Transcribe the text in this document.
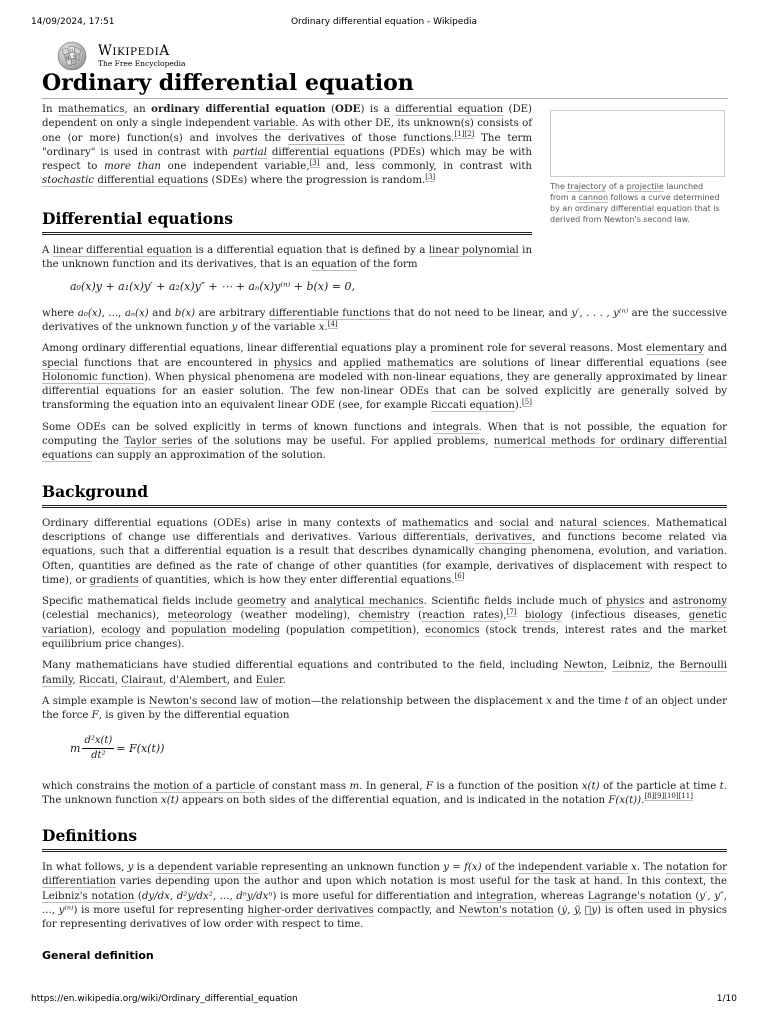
14/09/2024, 17:51	Ordinary differential equation - Wikipedia
Ω
W
И WIKIPEDIA
The Free Encyclopedia
Ordinary differential equation
The trajectory of a projectile launched from a cannon follows a curve determined by an ordinary differential equation that is derived from Newton's second law.

In mathematics, an ordinary differential equation (ODE) is a differential equation (DE) dependent on only a single independent variable. As with other DE, its unknown(s) consists of one (or more) function(s) and involves the derivatives of those functions.[1][2] The term "ordinary" is used in contrast with partial differential equations (PDEs) which may be with respect to more than one independent variable,[3] and, less commonly, in contrast with stochastic differential equations (SDEs) where the progression is random.[3]

Differential equations

A linear differential equation is a differential equation that is defined by a linear polynomial in the unknown function and its derivatives, that is an equation of the form

a₀(x)y + a₁(x)y′ + a₂(x)y″ + ⋯ + aₙ(x)y⁽ⁿ⁾ + b(x) = 0,

where a₀(x), ..., aₙ(x) and b(x) are arbitrary differentiable functions that do not need to be linear, and y′, . . . , y⁽ⁿ⁾ are the successive derivatives of the unknown function y of the variable x.[4]

Among ordinary differential equations, linear differential equations play a prominent role for several reasons. Most elementary and special functions that are encountered in physics and applied mathematics are solutions of linear differential equations (see Holonomic function). When physical phenomena are modeled with non-linear equations, they are generally approximated by linear differential equations for an easier solution. The few non-linear ODEs that can be solved explicitly are generally solved by transforming the equation into an equivalent linear ODE (see, for example Riccati equation).[5]

Some ODEs can be solved explicitly in terms of known functions and integrals. When that is not possible, the equation for computing the Taylor series of the solutions may be useful. For applied problems, numerical methods for ordinary differential equations can supply an approximation of the solution.

Background

Ordinary differential equations (ODEs) arise in many contexts of mathematics and social and natural sciences. Mathematical descriptions of change use differentials and derivatives. Various differentials, derivatives, and functions become related via equations, such that a differential equation is a result that describes dynamically changing phenomena, evolution, and variation. Often, quantities are defined as the rate of change of other quantities (for example, derivatives of displacement with respect to time), or gradients of quantities, which is how they enter differential equations.[6]

Specific mathematical fields include geometry and analytical mechanics. Scientific fields include much of physics and astronomy (celestial mechanics), meteorology (weather modeling), chemistry (reaction rates),[7] biology (infectious diseases, genetic variation), ecology and population modeling (population competition), economics (stock trends, interest rates and the market equilibrium price changes).

Many mathematicians have studied differential equations and contributed to the field, including Newton, Leibniz, the Bernoulli family, Riccati, Clairaut, d'Alembert, and Euler.

A simple example is Newton's second law of motion—the relationship between the displacement x and the time t of an object under the force F, is given by the differential equation

m $\frac{\text{d²x(t)}}{\text{dt²}} = F(x(t))$

which constrains the motion of a particle of constant mass m. In general, F is a function of the position x(t) of the particle at time t. The unknown function x(t) appears on both sides of the differential equation, and is indicated in the notation F(x(t)).[8][9][10][11]

Definitions

In what follows, y is a dependent variable representing an unknown function y = f(x) of the independent variable x. The notation for differentiation varies depending upon the author and upon which notation is most useful for the task at hand. In this context, the Leibniz's notation (dy/dx, d²y/dx², ..., dⁿy/dxⁿ) is more useful for differentiation and integration, whereas Lagrange's notation (y′, y″, ..., y⁽ⁿ⁾) is more useful for representing higher-order derivatives compactly, and Newton's notation (ẏ, ÿ, ⃛y) is often used in physics for representing derivatives of low order with respect to time.

General definition
https://en.wikipedia.org/wiki/Ordinary_differential_equation	1/10
